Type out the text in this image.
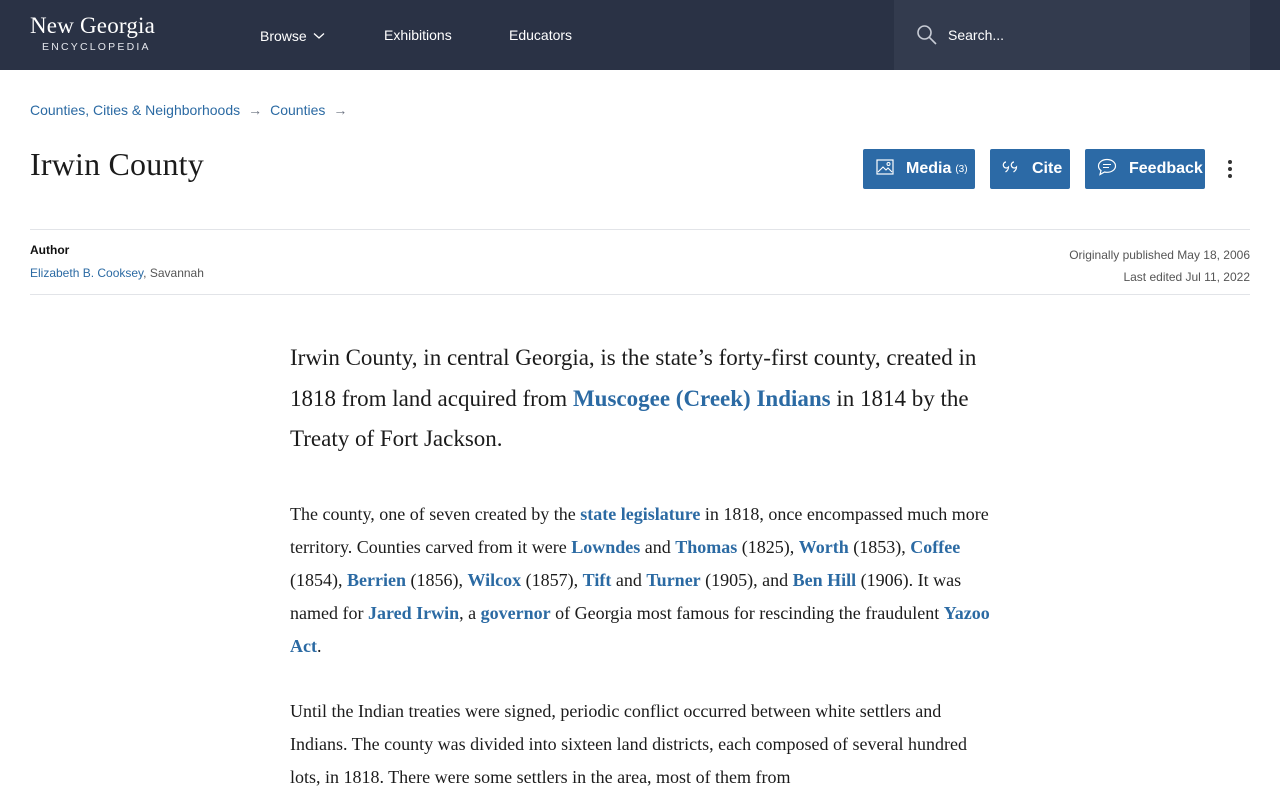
New Georgia
ENCYCLOPEDIA
Browse	Exhibitions	Educators
Search...
Counties, Cities & Neighborhoods → Counties →
Irwin County	Media (3)	Cite	Feedback
Author
Elizabeth B. Cooksey, Savannah
Originally published May 18, 2006
Last edited Jul 11, 2022

Irwin County, in central Georgia, is the state’s forty-first county, created in 1818 from land acquired from Muscogee (Creek) Indians in 1814 by the Treaty of Fort Jackson.

The county, one of seven created by the state legislature in 1818, once encompassed much more territory. Counties carved from it were Lowndes and Thomas (1825), Worth (1853), Coffee (1854), Berrien (1856), Wilcox (1857), Tift and Turner (1905), and Ben Hill (1906). It was named for Jared Irwin, a governor of Georgia most famous for rescinding the fraudulent Yazoo Act.

Until the Indian treaties were signed, periodic conflict occurred between white settlers and Indians. The county was divided into sixteen land districts, each composed of several hundred lots, in 1818. There were some settlers in the area, most of them from
